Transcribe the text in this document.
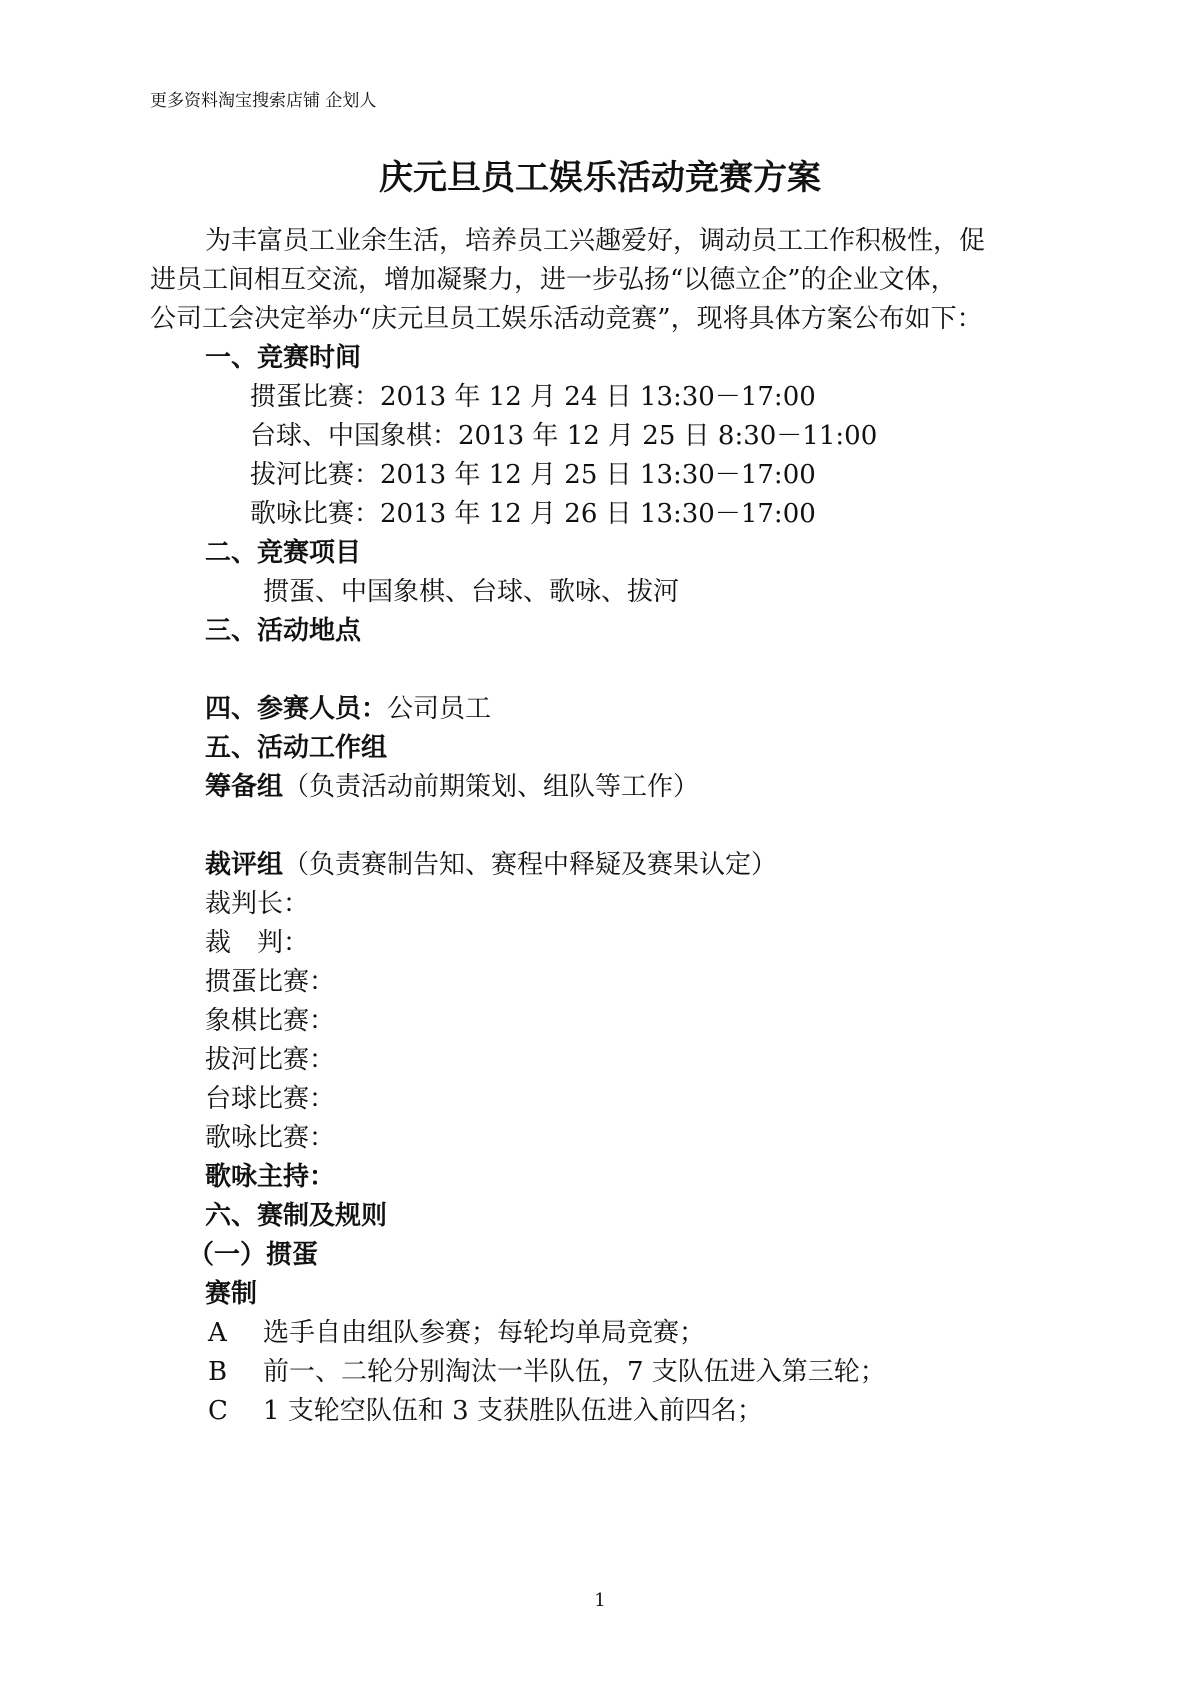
更多资料淘宝搜索店铺 企划人
庆元旦员工娱乐活动竞赛方案
为丰富员工业余生活，培养员工兴趣爱好，调动员工工作积极性，促
进员工间相互交流，增加凝聚力，进一步弘扬“以德立企”的企业文体，
公司工会决定举办“庆元旦员工娱乐活动竞赛”，现将具体方案公布如下：
一、竞赛时间
掼蛋比赛：2013 年 12 月 24 日 13:30－17:00
台球、中国象棋：2013 年 12 月 25 日 8:30－11:00
拔河比赛：2013 年 12 月 25 日 13:30－17:00
歌咏比赛：2013 年 12 月 26 日 13:30－17:00
二、竞赛项目
掼蛋、中国象棋、台球、歌咏、拔河
三、活动地点
四、参赛人员：公司员工
五、活动工作组
筹备组（负责活动前期策划、组队等工作）
裁评组（负责赛制告知、赛程中释疑及赛果认定）
裁判长：
裁　判：
掼蛋比赛：
象棋比赛：
拔河比赛：
台球比赛：
歌咏比赛：
歌咏主持：
六、赛制及规则
（一）掼蛋
赛制
A 选手自由组队参赛；每轮均单局竞赛；
B 前一、二轮分别淘汰一半队伍，7 支队伍进入第三轮；
C 1 支轮空队伍和 3 支获胜队伍进入前四名；
1
